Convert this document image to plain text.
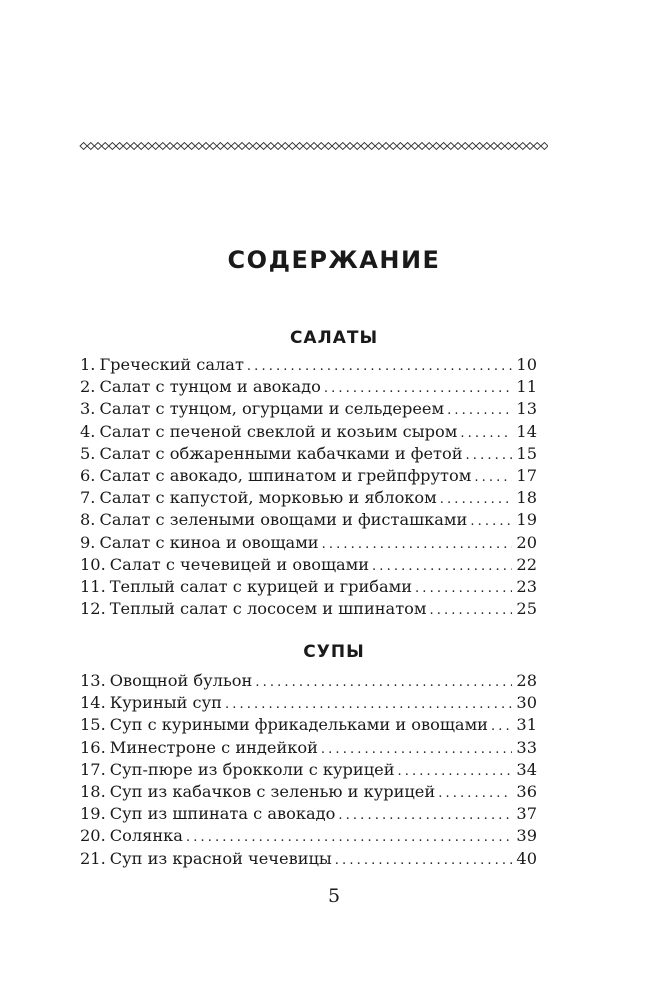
СОДЕРЖАНИЕ
САЛАТЫ
1. Греческий салат . . .	10
2. Салат с тунцом и авокадо . . .	11
3. Салат с тунцом, огурцами и сельдереем . . .	13
4. Салат с печеной свеклой и козьим сыром . . .	14
5. Салат с обжаренными кабачками и фетой . . .	15
6. Салат с авокадо, шпинатом и грейпфрутом . . .	17
7. Салат с капустой, морковью и яблоком . . .	18
8. Салат с зелеными овощами и фисташками . . .	19
9. Салат с киноа и овощами . . .	20
10. Салат с чечевицей и овощами . . .	22
11. Теплый салат с курицей и грибами . . .	23
12. Теплый салат с лососем и шпинатом . . .	25
СУПЫ
13. Овощной бульон . . .	28
14. Куриный суп . . .	30
15. Суп с куриными фрикадельками и овощами . . . 31
16. Минестроне с индейкой . . .	33
17. Суп-пюре из брокколи с курицей . . .	34
18. Суп из кабачков с зеленью и курицей . . .	36
19. Суп из шпината с авокадо . . .	37
20. Солянка . . .	39
21. Суп из красной чечевицы . . .	40
5
